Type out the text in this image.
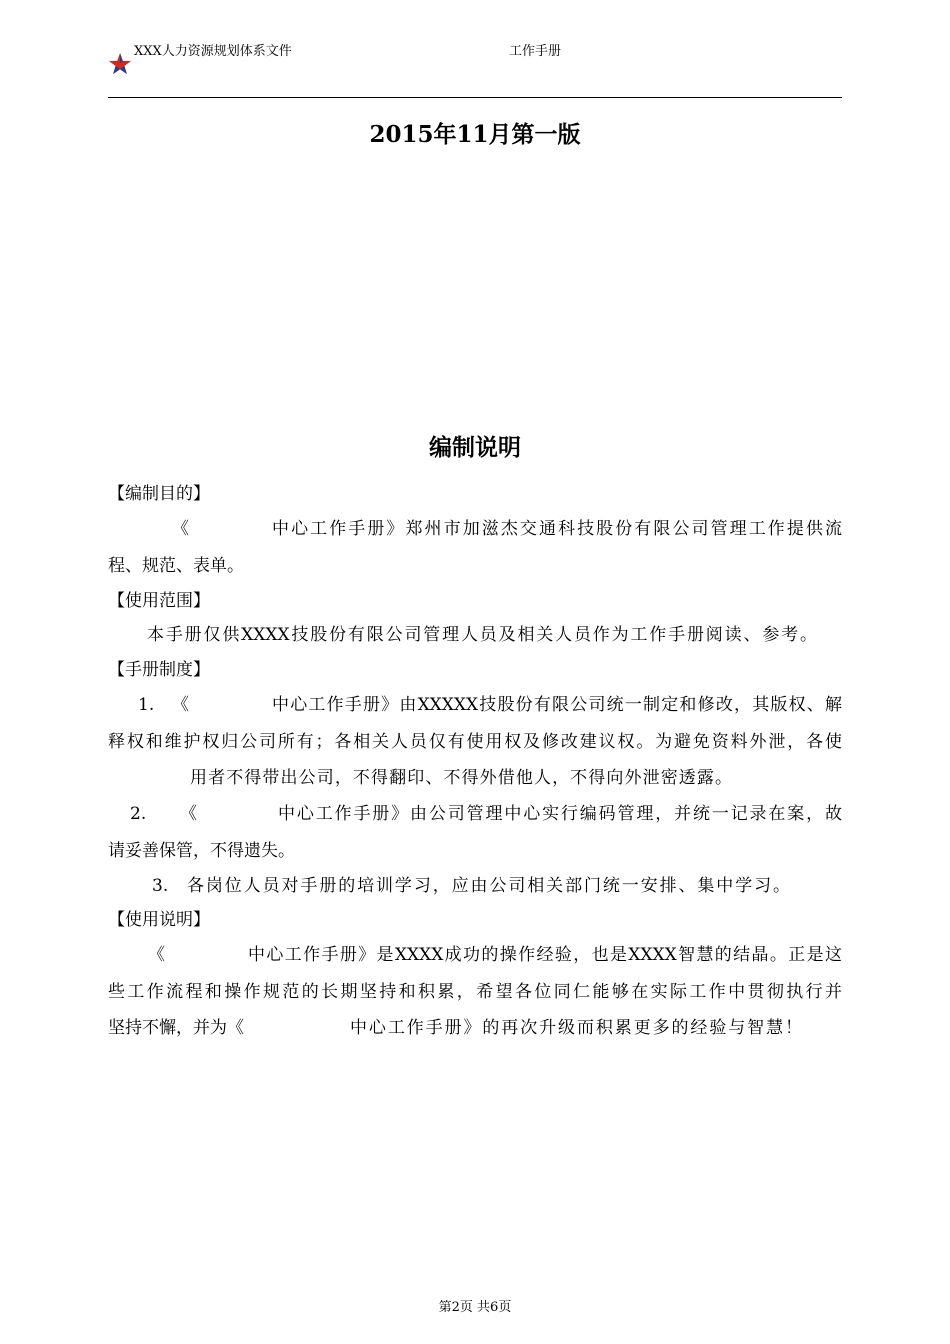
XXX人力资源规划体系文件	工作手册
2015年11月第一版
编制说明
【编制目的】
《	中心工作手册》郑州市加滋杰交通科技股份有限公司管理工作提供流
程、规范、表单。
【使用范围】
本手册仅供XXXX技股份有限公司管理人员及相关人员作为工作手册阅读、参考。
【手册制度】
1. 《	中心工作手册》由XXXXX技股份有限公司统一制定和修改，其版权、解
释权和维护权归公司所有；各相关人员仅有使用权及修改建议权。为避免资料外泄，各使
用者不得带出公司，不得翻印、不得外借他人，不得向外泄密透露。
2. 《	中心工作手册》由公司管理中心实行编码管理，并统一记录在案，故
请妥善保管，不得遗失。
3. 各岗位人员对手册的培训学习，应由公司相关部门统一安排、集中学习。
【使用说明】
《	中心工作手册》是XXXX成功的操作经验，也是XXXX智慧的结晶。正是这
些工作流程和操作规范的长期坚持和积累，希望各位同仁能够在实际工作中贯彻执行并
坚持不懈，并为《	中心工作手册》的再次升级而积累更多的经验与智慧！
第2页 共6页
